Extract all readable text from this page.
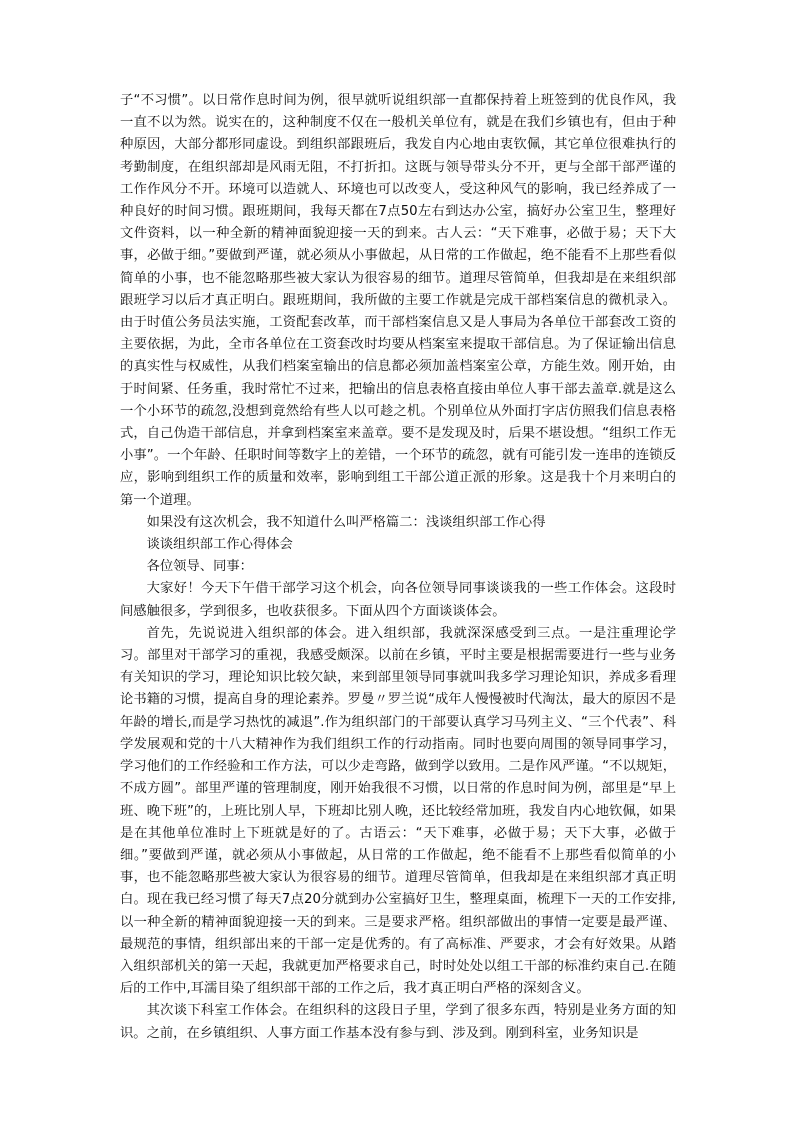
子“不习惯”。以日常作息时间为例，很早就听说组织部一直都保持着上班签到的优良作风，我一直不以为然。说实在的，这种制度不仅在一般机关单位有，就是在我们乡镇也有，但由于种种原因，大部分都形同虚设。到组织部跟班后，我发自内心地由衷钦佩，其它单位很难执行的考勤制度，在组织部却是风雨无阻，不打折扣。这既与领导带头分不开，更与全部干部严谨的工作作风分不开。环境可以造就人、环境也可以改变人，受这种风气的影响，我已经养成了一种良好的时间习惯。跟班期间，我每天都在7点50左右到达办公室，搞好办公室卫生，整理好文件资料，以一种全新的精神面貌迎接一天的到来。古人云：“天下难事，必做于易；天下大事，必做于细。”要做到严谨，就必须从小事做起，从日常的工作做起，绝不能看不上那些看似简单的小事，也不能忽略那些被大家认为很容易的细节。道理尽管简单，但我却是在来组织部跟班学习以后才真正明白。跟班期间，我所做的主要工作就是完成干部档案信息的微机录入。由于时值公务员法实施，工资配套改革，而干部档案信息又是人事局为各单位干部套改工资的主要依据，为此，全市各单位在工资套改时均要从档案室来提取干部信息。为了保证输出信息的真实性与权威性，从我们档案室输出的信息都必须加盖档案室公章，方能生效。刚开始，由于时间紧、任务重，我时常忙不过来，把输出的信息表格直接由单位人事干部去盖章.就是这么一个小环节的疏忽,没想到竟然给有些人以可趁之机。个别单位从外面打字店仿照我们信息表格式，自己伪造干部信息，并拿到档案室来盖章。要不是发现及时，后果不堪设想。“组织工作无小事”。一个年龄、任职时间等数字上的差错，一个环节的疏忽，就有可能引发一连串的连锁反应，影响到组织工作的质量和效率，影响到组工干部公道正派的形象。这是我十个月来明白的第一个道理。

如果没有这次机会，我不知道什么叫严格篇二：浅谈组织部工作心得

谈谈组织部工作心得体会

各位领导、同事：

大家好！今天下午借干部学习这个机会，向各位领导同事谈谈我的一些工作体会。这段时间感触很多，学到很多，也收获很多。下面从四个方面谈谈体会。

首先，先说说进入组织部的体会。进入组织部，我就深深感受到三点。一是注重理论学习。部里对干部学习的重视，我感受颇深。以前在乡镇，平时主要是根据需要进行一些与业务有关知识的学习，理论知识比较欠缺，来到部里领导同事就叫我多学习理论知识，养成多看理论书籍的习惯，提高自身的理论素养。罗曼〃罗兰说“成年人慢慢被时代淘汰，最大的原因不是年龄的增长,而是学习热忱的减退”.作为组织部门的干部要认真学习马列主义、“三个代表”、科学发展观和党的十八大精神作为我们组织工作的行动指南。同时也要向周围的领导同事学习，学习他们的工作经验和工作方法，可以少走弯路，做到学以致用。二是作风严谨。“不以规矩，不成方圆”。部里严谨的管理制度，刚开始我很不习惯，以日常的作息时间为例，部里是“早上班、晚下班”的，上班比别人早，下班却比别人晚，还比较经常加班，我发自内心地钦佩，如果是在其他单位准时上下班就是好的了。古语云：“天下难事，必做于易；天下大事，必做于细。”要做到严谨，就必须从小事做起，从日常的工作做起，绝不能看不上那些看似简单的小事，也不能忽略那些被大家认为很容易的细节。道理尽管简单，但我却是在来组织部才真正明白。现在我已经习惯了每天7点20分就到办公室搞好卫生，整理桌面，梳理下一天的工作安排,以一种全新的精神面貌迎接一天的到来。三是要求严格。组织部做出的事情一定要是最严谨、最规范的事情，组织部出来的干部一定是优秀的。有了高标准、严要求，才会有好效果。从踏入组织部机关的第一天起，我就更加严格要求自己，时时处处以组工干部的标准约束自己.在随后的工作中,耳濡目染了组织部干部的工作之后，我才真正明白严格的深刻含义。

其次谈下科室工作体会。在组织科的这段日子里，学到了很多东西，特别是业务方面的知识。之前，在乡镇组织、人事方面工作基本没有参与到、涉及到。刚到科室，业务知识是
